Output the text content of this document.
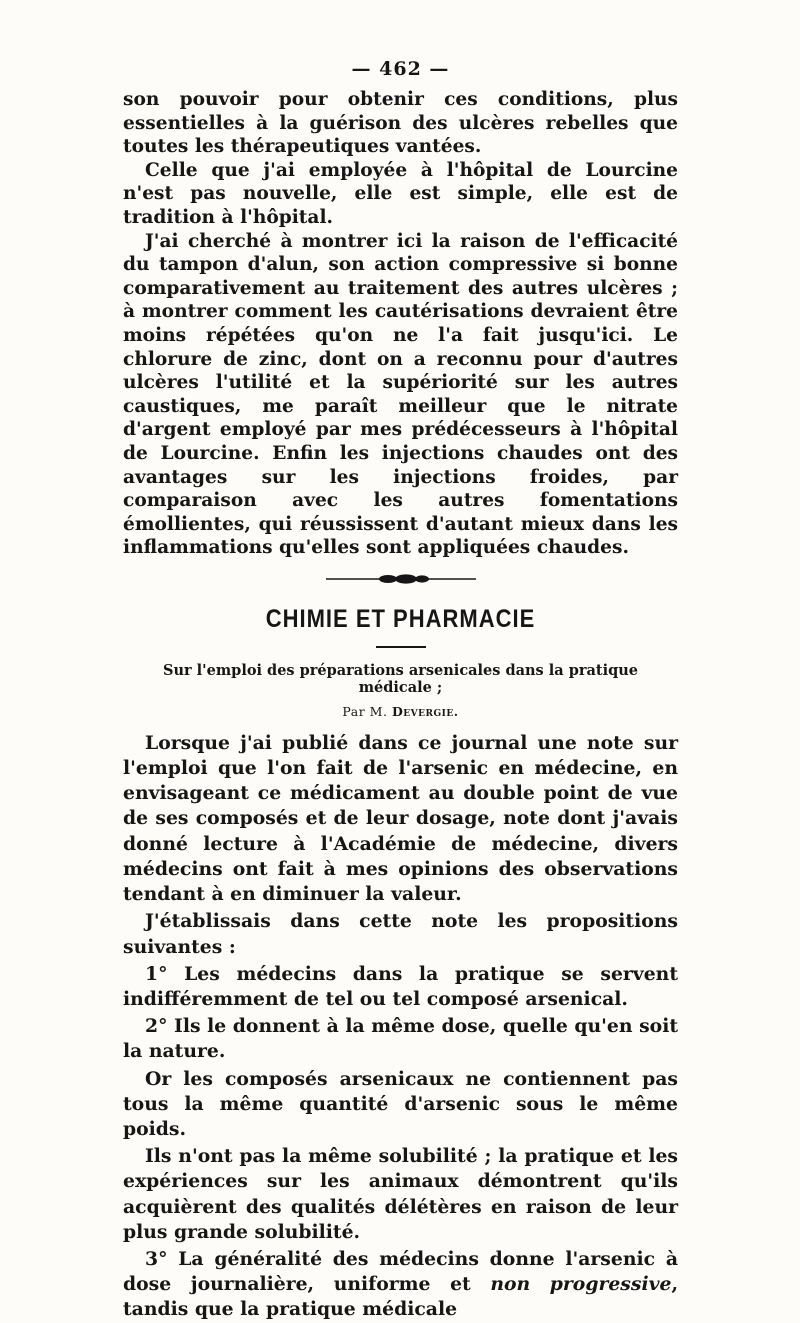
— 462 —

son pouvoir pour obtenir ces conditions, plus essentielles à la guérison des ulcères rebelles que toutes les thérapeutiques vantées.

Celle que j'ai employée à l'hôpital de Lourcine n'est pas nouvelle, elle est simple, elle est de tradition à l'hôpital.

J'ai cherché à montrer ici la raison de l'efficacité du tampon d'alun, son action compressive si bonne comparativement au traitement des autres ulcères ; à montrer comment les cautérisations devraient être moins répétées qu'on ne l'a fait jusqu'ici. Le chlorure de zinc, dont on a reconnu pour d'autres ulcères l'utilité et la supériorité sur les autres caustiques, me paraît meilleur que le nitrate d'argent employé par mes prédécesseurs à l'hôpital de Lourcine. Enfin les injections chaudes ont des avantages sur les injections froides, par comparaison avec les autres fomentations émollientes, qui réussissent d'autant mieux dans les inflammations qu'elles sont appliquées chaudes.

CHIMIE ET PHARMACIE
Sur l'emploi des préparations arsenicales dans la pratique médicale ;
Par M. Devergie.

Lorsque j'ai publié dans ce journal une note sur l'emploi que l'on fait de l'arsenic en médecine, en envisageant ce médicament au double point de vue de ses composés et de leur dosage, note dont j'avais donné lecture à l'Académie de médecine, divers médecins ont fait à mes opinions des observations tendant à en diminuer la valeur.

J'établissais dans cette note les propositions suivantes :

1° Les médecins dans la pratique se servent indifféremment de tel ou tel composé arsenical.

2° Ils le donnent à la même dose, quelle qu'en soit la nature.

Or les composés arsenicaux ne contiennent pas tous la même quantité d'arsenic sous le même poids.

Ils n'ont pas la même solubilité ; la pratique et les expériences sur les animaux démontrent qu'ils acquièrent des qualités délétères en raison de leur plus grande solubilité.

3° La généralité des médecins donne l'arsenic à dose journalière, uniforme et non progressive, tandis que la pratique médicale
